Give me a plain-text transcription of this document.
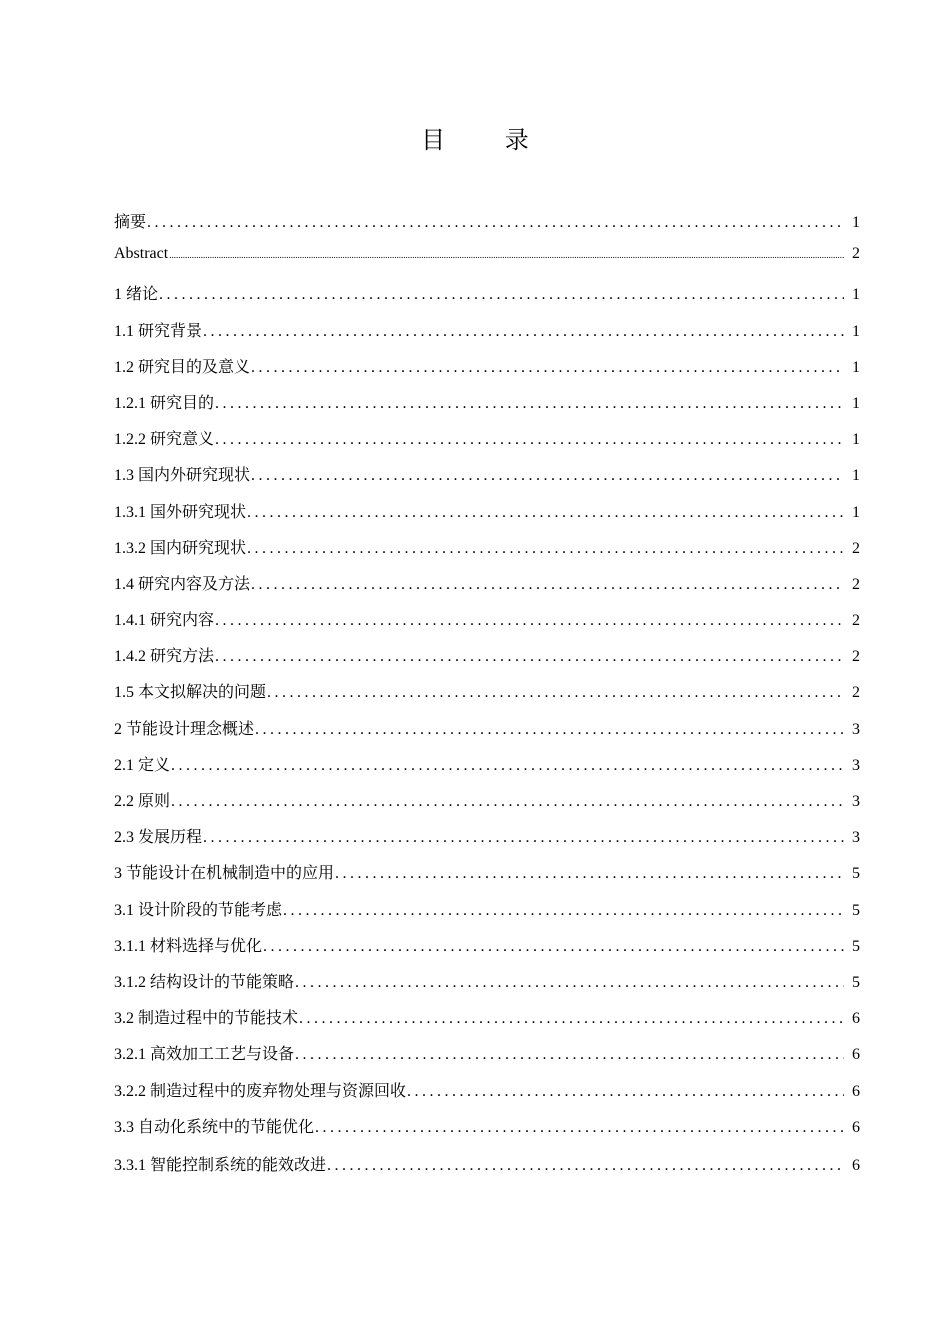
目 录
摘要 .....	1
Abstract .....	2
1 绪论 .....	1
1.1 研究背景 .....	1
1.2 研究目的及意义 .....	1
1.2.1 研究目的 .....	1
1.2.2 研究意义 .....	1
1.3 国内外研究现状 .....	1
1.3.1 国外研究现状 .....	1
1.3.2 国内研究现状 .....	2
1.4 研究内容及方法 .....	2
1.4.1 研究内容 .....	2
1.4.2 研究方法 .....	2
1.5 本文拟解决的问题 .....	2
2 节能设计理念概述 .....	3
2.1 定义 .....	3
2.2 原则 .....	3
2.3 发展历程 .....	3
3 节能设计在机械制造中的应用 .....	5
3.1 设计阶段的节能考虑 .....	5
3.1.1 材料选择与优化 .....	5
3.1.2 结构设计的节能策略 .....	5
3.2 制造过程中的节能技术 .....	6
3.2.1 高效加工工艺与设备 .....	6
3.2.2 制造过程中的废弃物处理与资源回收 .....	6
3.3 自动化系统中的节能优化 .....	6
3.3.1 智能控制系统的能效改进 .....	6
